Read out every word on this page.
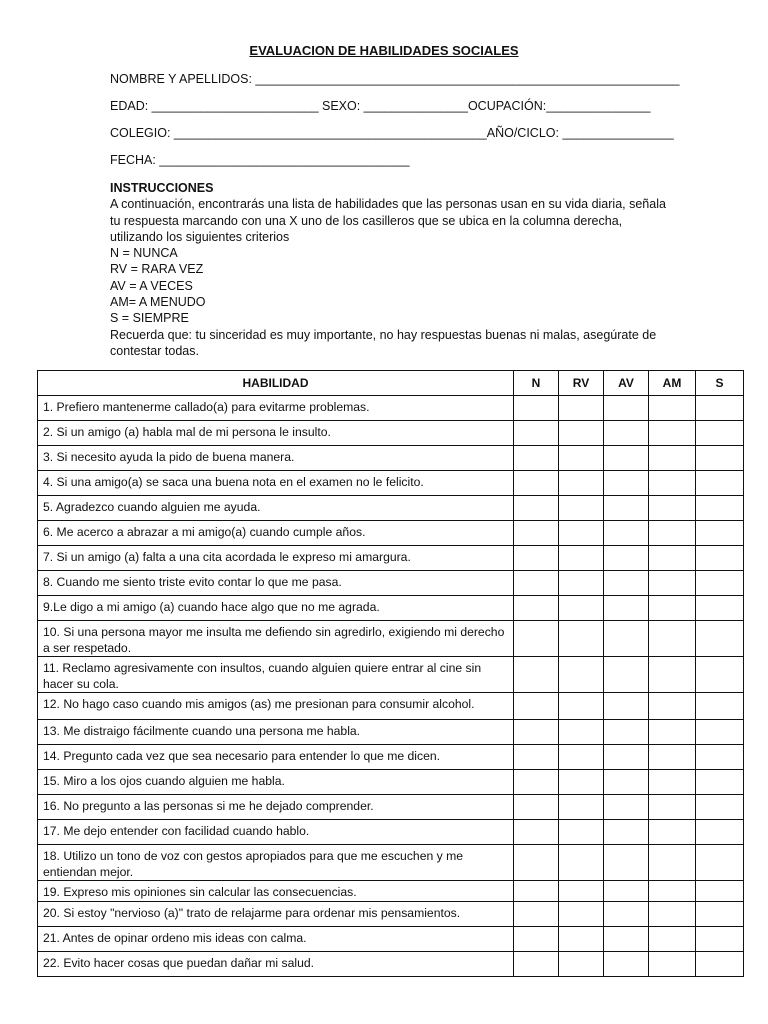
EVALUACION DE HABILIDADES SOCIALES
NOMBRE Y APELLIDOS: _____________________________________________________________
EDAD: ________________________ SEXO: _______________OCUPACIÓN:_______________
COLEGIO: _____________________________________________AÑO/CICLO: ________________
FECHA: ____________________________________
INSTRUCCIONES
A continuación, encontrarás una lista de habilidades que las personas usan en su vida diaria, señala tu respuesta marcando con una X uno de los casilleros que se ubica en la columna derecha, utilizando los siguientes criterios
N = NUNCA
RV = RARA VEZ
AV = A VECES
AM= A MENUDO
S = SIEMPRE
Recuerda que: tu sinceridad es muy importante, no hay respuestas buenas ni malas, asegúrate de contestar todas.
HABILIDAD	N	RV	AV	AM	S
1. Prefiero mantenerme callado(a) para evitarme problemas.					
2. Si un amigo (a) habla mal de mi persona le insulto.					
3. Si necesito ayuda la pido de buena manera.					
4. Si una amigo(a) se saca una buena nota en el examen no le felicito.					
5. Agradezco cuando alguien me ayuda.					
6. Me acerco a abrazar a mi amigo(a) cuando cumple años.					
7. Si un amigo (a) falta a una cita acordada le expreso mi amargura.					
8. Cuando me siento triste evito contar lo que me pasa.					
9.Le digo a mi amigo (a) cuando hace algo que no me agrada.					
10. Si una persona mayor me insulta me defiendo sin agredirlo, exigiendo mi derecho a ser respetado.					
11. Reclamo agresivamente con insultos, cuando alguien quiere entrar al cine sin hacer su cola.					
12. No hago caso cuando mis amigos (as) me presionan para consumir alcohol.					
13. Me distraigo fácilmente cuando una persona me habla.					
14. Pregunto cada vez que sea necesario para entender lo que me dicen.					
15. Miro a los ojos cuando alguien me habla.					
16. No pregunto a las personas si me he dejado comprender.					
17. Me dejo entender con facilidad cuando hablo.					
18. Utilizo un tono de voz con gestos apropiados para que me escuchen y me entiendan mejor.					
19. Expreso mis opiniones sin calcular las consecuencias.					
20. Si estoy "nervioso (a)" trato de relajarme para ordenar mis pensamientos.					
21. Antes de opinar ordeno mis ideas con calma.					
22. Evito hacer cosas que puedan dañar mi salud.					
